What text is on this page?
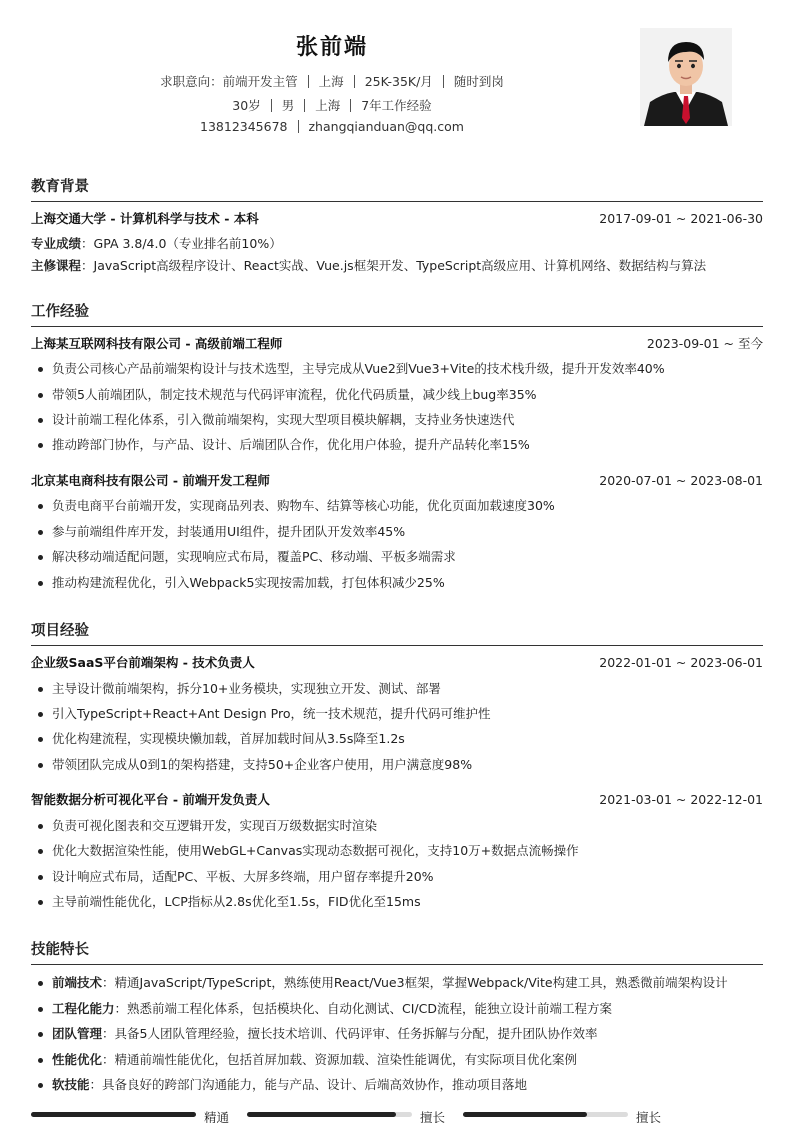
张前端
求职意向：前端开发主管 上海 25K-35K/月 随时到岗
30岁 男 上海 7年工作经验
13812345678 zhangqianduan@qq.com
教育背景
上海交通大学 - 计算机科学与技术 - 本科	2017-09-01 ~ 2021-06-30
专业成绩：GPA 3.8/4.0（专业排名前10%）
主修课程：JavaScript高级程序设计、React实战、Vue.js框架开发、TypeScript高级应用、计算机网络、数据结构与算法
工作经验
上海某互联网科技有限公司 - 高级前端工程师	2023-09-01 ~ 至今
负责公司核心产品前端架构设计与技术选型，主导完成从Vue2到Vue3+Vite的技术栈升级，提升开发效率40%
带领5人前端团队，制定技术规范与代码评审流程，优化代码质量，减少线上bug率35%
设计前端工程化体系，引入微前端架构，实现大型项目模块解耦，支持业务快速迭代
推动跨部门协作，与产品、设计、后端团队合作，优化用户体验，提升产品转化率15%
北京某电商科技有限公司 - 前端开发工程师	2020-07-01 ~ 2023-08-01
负责电商平台前端开发，实现商品列表、购物车、结算等核心功能，优化页面加载速度30%
参与前端组件库开发，封装通用UI组件，提升团队开发效率45%
解决移动端适配问题，实现响应式布局，覆盖PC、移动端、平板多端需求
推动构建流程优化，引入Webpack5实现按需加载，打包体积减少25%
项目经验
企业级SaaS平台前端架构 - 技术负责人	2022-01-01 ~ 2023-06-01
主导设计微前端架构，拆分10+业务模块，实现独立开发、测试、部署
引入TypeScript+React+Ant Design Pro，统一技术规范，提升代码可维护性
优化构建流程，实现模块懒加载，首屏加载时间从3.5s降至1.2s
带领团队完成从0到1的架构搭建，支持50+企业客户使用，用户满意度98%
智能数据分析可视化平台 - 前端开发负责人	2021-03-01 ~ 2022-12-01
负责可视化图表和交互逻辑开发，实现百万级数据实时渲染
优化大数据渲染性能，使用WebGL+Canvas实现动态数据可视化，支持10万+数据点流畅操作
设计响应式布局，适配PC、平板、大屏多终端，用户留存率提升20%
主导前端性能优化，LCP指标从2.8s优化至1.5s，FID优化至15ms
技能特长
前端技术：精通JavaScript/TypeScript，熟练使用React/Vue3框架，掌握Webpack/Vite构建工具，熟悉微前端架构设计
工程化能力：熟悉前端工程化体系，包括模块化、自动化测试、CI/CD流程，能独立设计前端工程方案
团队管理：具备5人团队管理经验，擅长技术培训、代码评审、任务拆解与分配，提升团队协作效率
性能优化：精通前端性能优化，包括首屏加载、资源加载、渲染性能调优，有实际项目优化案例
软技能：具备良好的跨部门沟通能力，能与产品、设计、后端高效协作，推动项目落地
精通	擅长	擅长
